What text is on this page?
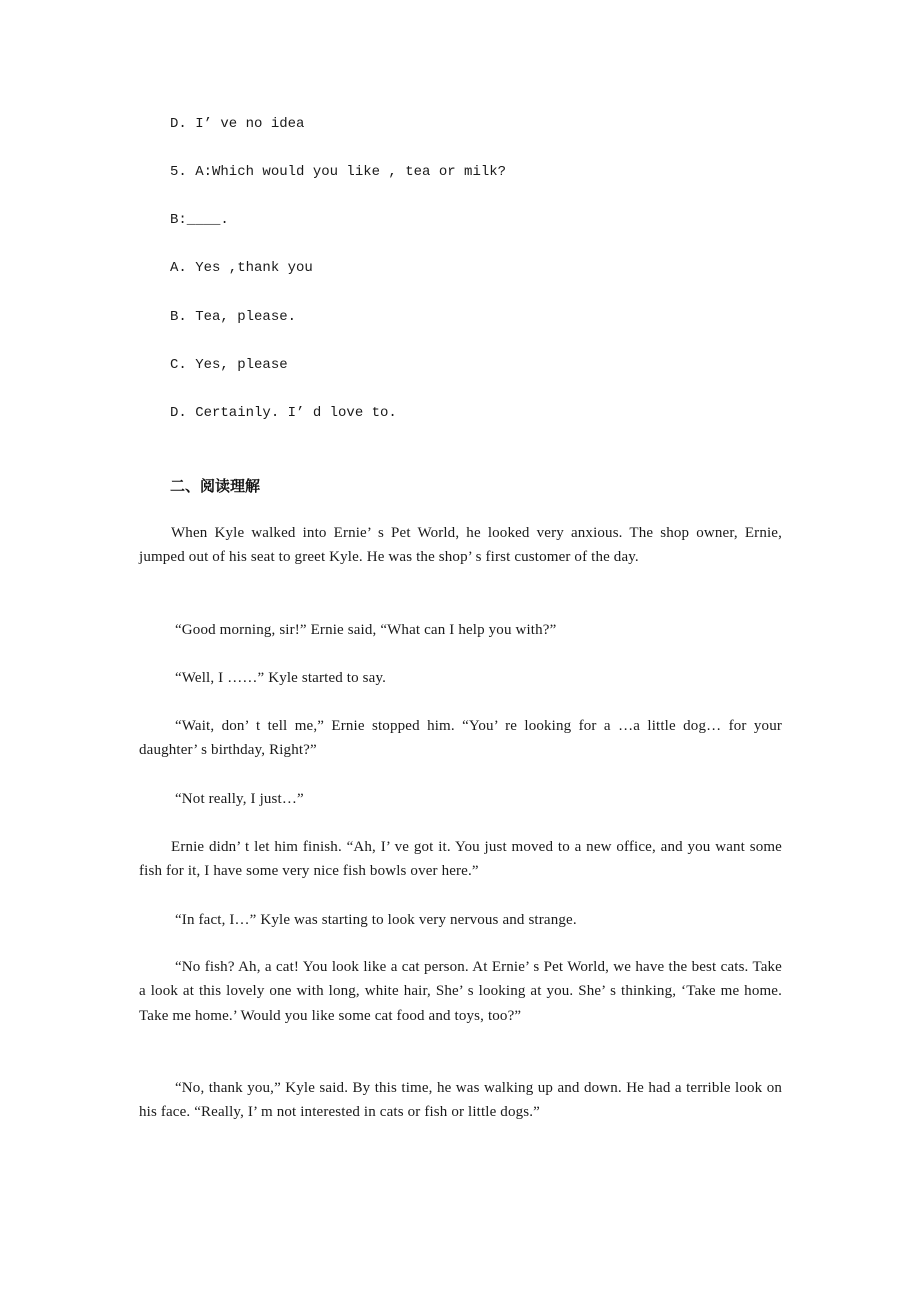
D. I’ ve no idea
5. A:Which would you like , tea or milk?
B:____.
A. Yes ,thank you
B. Tea, please.
C. Yes, please
D. Certainly. I’ d love to.
二、阅读理解
When Kyle walked into Ernie’ s Pet World, he looked very anxious. The shop owner, Ernie, jumped out of his seat to greet Kyle. He was the shop’ s first customer of the day.
“Good morning, sir!” Ernie said, “What can I help you with?”
“Well, I ……” Kyle started to say.
“Wait, don’ t tell me,” Ernie stopped him. “You’ re looking for a …a little dog… for your daughter’ s birthday, Right?”
“Not really, I just…”
Ernie didn’ t let him finish. “Ah, I’ ve got it. You just moved to a new office, and you want some fish for it, I have some very nice fish bowls over here.”
“In fact, I…” Kyle was starting to look very nervous and strange.
“No fish? Ah, a cat! You look like a cat person. At Ernie’ s Pet World, we have the best cats. Take a look at this lovely one with long, white hair, She’ s looking at you. She’ s thinking, ‘Take me home. Take me home.’ Would you like some cat food and toys, too?”
“No, thank you,” Kyle said. By this time, he was walking up and down. He had a terrible look on his face. “Really, I’ m not interested in cats or fish or little dogs.”
